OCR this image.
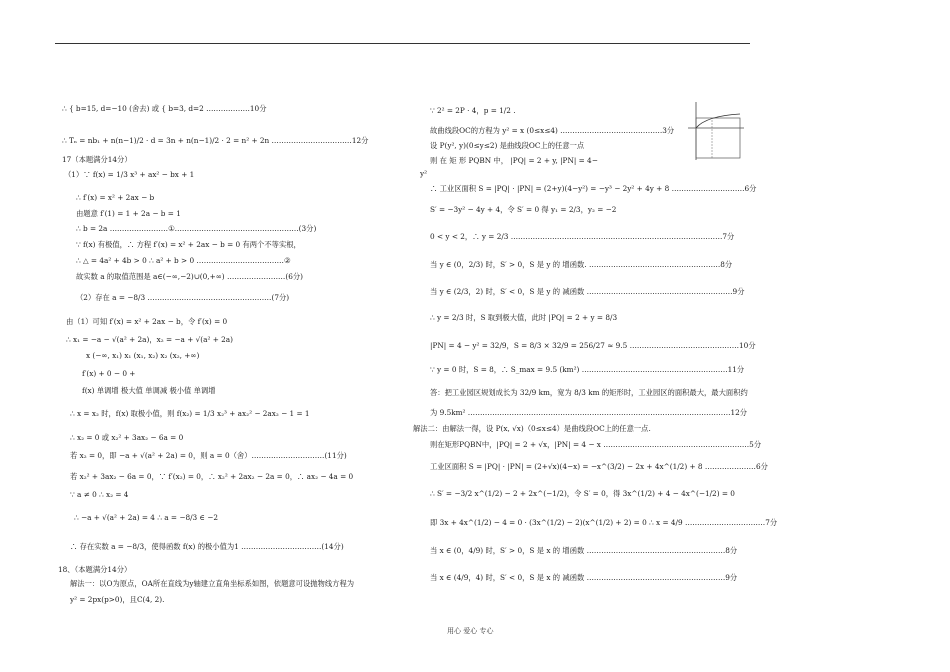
∴ { b=15, d=−10 (舍去) 或 { b=3, d=2 ………………10分
∴ Tₙ = nb₁ + n(n−1)/2 · d = 3n + n(n−1)/2 · 2 = n² + 2n ……………………………12分
17（本题满分14分）
（1）∵ f(x) = 1/3 x³ + ax² − bx + 1
∴ f′(x) = x² + 2ax − b
由题意 f′(1) = 1 + 2a − b = 1
∴ b = 2a ……………………①……………………………………………(3分)
∵ f(x) 有极值，∴ 方程 f′(x) = x² + 2ax − b = 0 有两个不等实根，
∴ △ = 4a² + 4b > 0 ∴ a² + b > 0 ………………………………②
故实数 a 的取值范围是 a∈(−∞,−2)∪(0,+∞) ……………………(6分)
（2）存在 a = −8/3 ……………………………………………(7分)
由（1）可知 f′(x) = x² + 2ax − b，令 f′(x) = 0
∴ x₁ = −a − √(a² + 2a)，x₂ = −a + √(a² + 2a)
x (−∞, x₁) x₁ (x₁, x₂) x₂ (x₂, +∞)
f′(x) + 0 − 0 +
f(x) 单调增 极大值 单调减 极小值 单调增
∴ x = x₂ 时，f(x) 取极小值，则 f(x₂) = 1/3 x₂³ + ax₂² − 2ax₂ − 1 = 1
∴ x₂ = 0 或 x₂² + 3ax₂ − 6a = 0
若 x₂ = 0，即 −a + √(a² + 2a) = 0，则 a = 0（舍）…………………………(11分)
若 x₂² + 3ax₂ − 6a = 0，∵ f′(x₂) = 0，∴ x₂² + 2ax₂ − 2a = 0，∴ ax₂ − 4a = 0
∵ a ≠ 0 ∴ x₂ = 4
∴ −a + √(a² + 2a) = 4 ∴ a = −8/3 ∈ −2
∴ 存在实数 a = −8/3，使得函数 f(x) 的极小值为1 ……………………………(14分)
18、（本题满分14分）
解法一：以O为原点，OA所在直线为y轴建立直角坐标系如图，依题意可设抛物线方程为
y² = 2px(p>0)，且C(4, 2).
∵ 2² = 2P · 4，p = 1/2 .
故曲线段OC的方程为 y² = x (0≤x≤4) ……………………………………3分
设 P(y², y)(0≤y≤2) 是曲线段OC上的任意一点
则 在 矩 形 PQBN 中， |PQ| = 2 + y, |PN| = 4−
y²
∴ 工业区面积 S = |PQ| · |PN| = (2+y)(4−y²) = −y³ − 2y² + 4y + 8 …………………………6分
S′ = −3y² − 4y + 4，令 S′ = 0 得 y₁ = 2/3，y₂ = −2
0 < y < 2，∴ y = 2/3 ……………………………………………………………………………7分
当 y ∈ (0，2/3) 时，S′ > 0，S 是 y 的 增函数. ………………………………………………8分
当 y ∈ (2/3，2) 时，S′ < 0，S 是 y 的 减函数 ……………………………………………………9分
∴ y = 2/3 时，S 取到极大值，此时 |PQ| = 2 + y = 8/3
|PN| = 4 − y² = 32/9，S = 8/3 × 32/9 = 256/27 ≈ 9.5 ………………………………………10分
∵ y = 0 时，S = 8，∴ S_max = 9.5 (km²) ……………………………………………………11分
答：把工业园区规划成长为 32/9 km，宽为 8/3 km 的矩形时，工业园区的面积最大，最大面积约
为 9.5km² ………………………………………………………………………………………………12分
解法二：由解法一得，设 P(x, √x)（0≤x≤4）是曲线段OC上的任意一点.
则在矩形PQBN中，|PQ| = 2 + √x，|PN| = 4 − x ……………………………………………………5分
工业区面积 S = |PQ| · |PN| = (2+√x)(4−x) = −x^(3/2) − 2x + 4x^(1/2) + 8 …………………6分
∴ S′ = −3/2 x^(1/2) − 2 + 2x^(−1/2)，令 S′ = 0，得 3x^(1/2) + 4 − 4x^(−1/2) = 0
即 3x + 4x^(1/2) − 4 = 0 · (3x^(1/2) − 2)(x^(1/2) + 2) = 0 ∴ x = 4/9 ……………………………7分
当 x ∈ (0，4/9) 时，S′ > 0，S 是 x 的 增函数 …………………………………………………8分
当 x ∈ (4/9，4) 时，S′ < 0，S 是 x 的 减函数 …………………………………………………9分
用心 爱心 专心
